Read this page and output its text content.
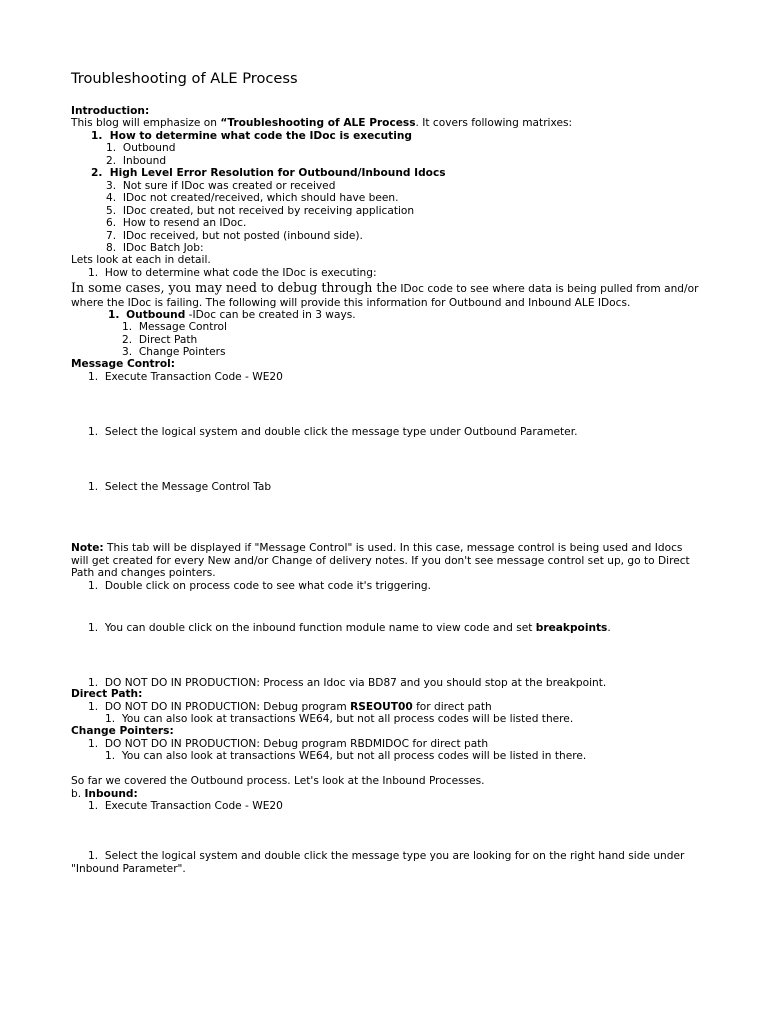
Troubleshooting of ALE Process
Introduction:
This blog will emphasize on “Troubleshooting of ALE Process. It covers following matrixes:
1. How to determine what code the IDoc is executing
1. Outbound
2. Inbound
2. High Level Error Resolution for Outbound/Inbound Idocs
3. Not sure if IDoc was created or received
4. IDoc not created/received, which should have been.
5. IDoc created, but not received by receiving application
6. How to resend an IDoc.
7. IDoc received, but not posted (inbound side).
8. IDoc Batch Job:
Lets look at each in detail.
1. How to determine what code the IDoc is executing:
In some cases, you may need to debug through the IDoc code to see where data is being pulled from and/or
where the IDoc is failing. The following will provide this information for Outbound and Inbound ALE IDocs.
1. Outbound -IDoc can be created in 3 ways.
1. Message Control
2. Direct Path
3. Change Pointers
Message Control:
1. Execute Transaction Code - WE20
1. Select the logical system and double click the message type under Outbound Parameter.
1. Select the Message Control Tab
Note: This tab will be displayed if "Message Control" is used. In this case, message control is being used and Idocs
will get created for every New and/or Change of delivery notes. If you don't see message control set up, go to Direct
Path and changes pointers.
1. Double click on process code to see what code it's triggering.
1. You can double click on the inbound function module name to view code and set breakpoints.
1. DO NOT DO IN PRODUCTION: Process an Idoc via BD87 and you should stop at the breakpoint.
Direct Path:
1. DO NOT DO IN PRODUCTION: Debug program RSEOUT00 for direct path
1. You can also look at transactions WE64, but not all process codes will be listed there.
Change Pointers:
1. DO NOT DO IN PRODUCTION: Debug program RBDMIDOC for direct path
1. You can also look at transactions WE64, but not all process codes will be listed in there.
So far we covered the Outbound process. Let's look at the Inbound Processes.
b. Inbound:
1. Execute Transaction Code - WE20
1. Select the logical system and double click the message type you are looking for on the right hand side under
"Inbound Parameter".
